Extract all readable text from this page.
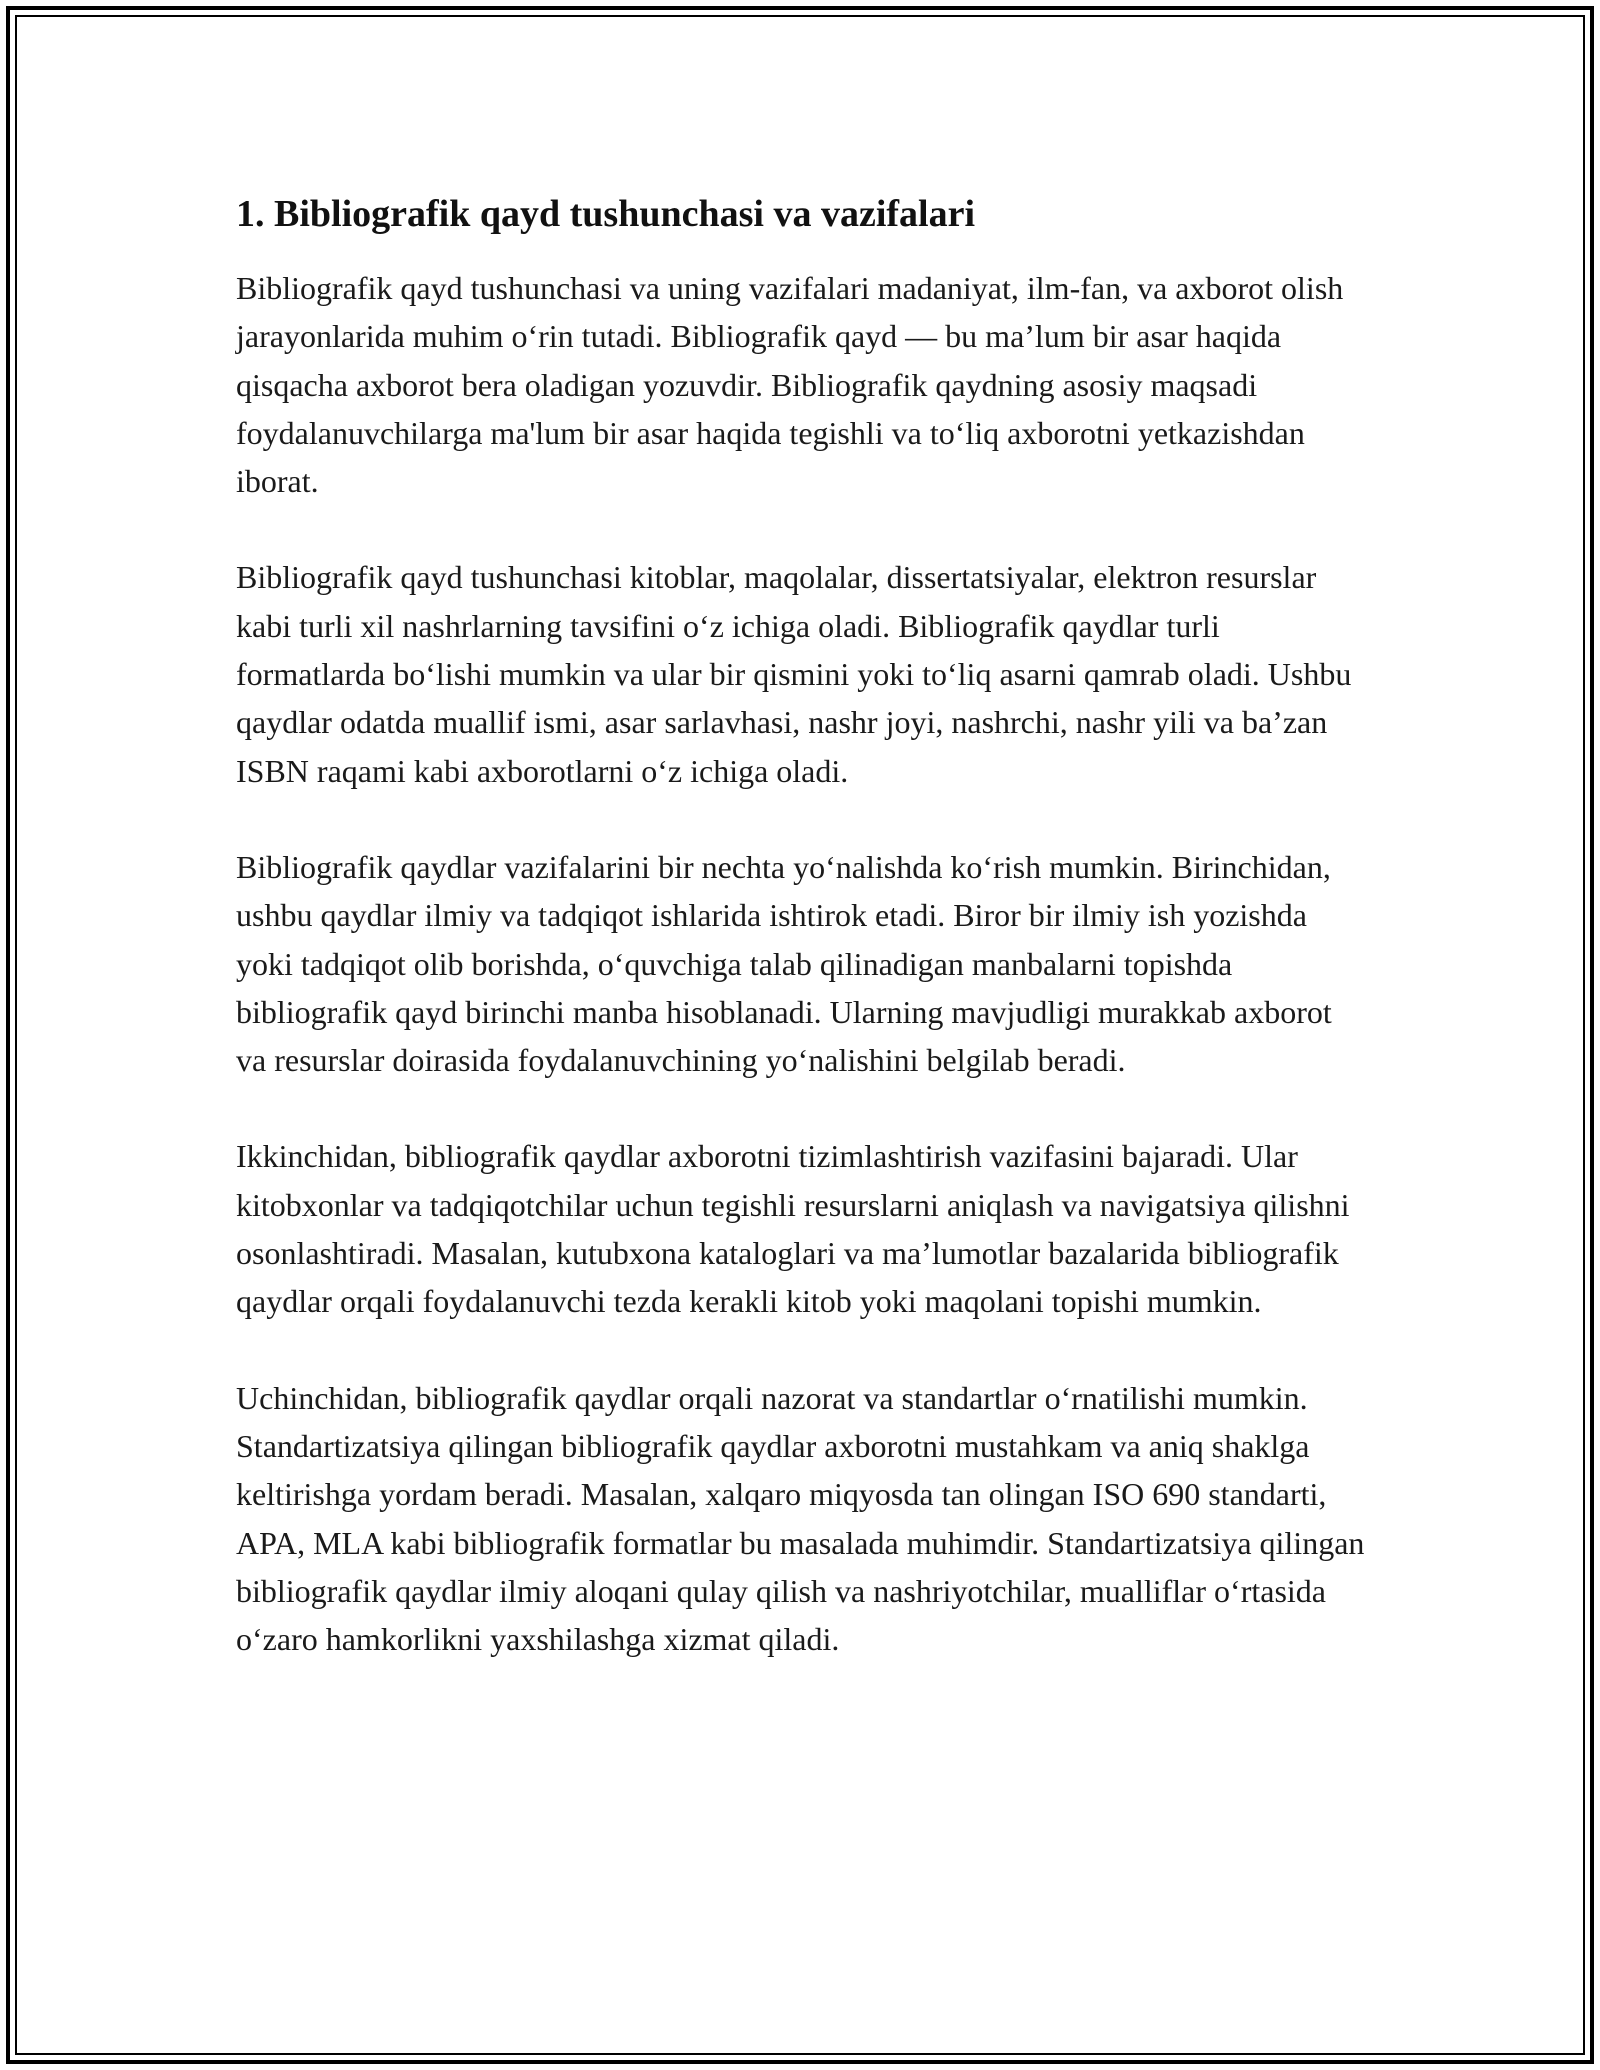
1. Bibliografik qayd tushunchasi va vazifalari

Bibliografik qayd tushunchasi va uning vazifalari madaniyat, ilm-fan, va axborot olish jarayonlarida muhim o‘rin tutadi. Bibliografik qayd — bu ma’lum bir asar haqida qisqacha axborot bera oladigan yozuvdir. Bibliografik qaydning asosiy maqsadi foydalanuvchilarga ma'lum bir asar haqida tegishli va to‘liq axborotni yetkazishdan iborat.

Bibliografik qayd tushunchasi kitoblar, maqolalar, dissertatsiyalar, elektron resurslar kabi turli xil nashrlarning tavsifini o‘z ichiga oladi. Bibliografik qaydlar turli formatlarda bo‘lishi mumkin va ular bir qismini yoki to‘liq asarni qamrab oladi. Ushbu qaydlar odatda muallif ismi, asar sarlavhasi, nashr joyi, nashrchi, nashr yili va ba’zan ISBN raqami kabi axborotlarni o‘z ichiga oladi.

Bibliografik qaydlar vazifalarini bir nechta yo‘nalishda ko‘rish mumkin. Birinchidan, ushbu qaydlar ilmiy va tadqiqot ishlarida ishtirok etadi. Biror bir ilmiy ish yozishda yoki tadqiqot olib borishda, o‘quvchiga talab qilinadigan manbalarni topishda bibliografik qayd birinchi manba hisoblanadi. Ularning mavjudligi murakkab axborot va resurslar doirasida foydalanuvchining yo‘nalishini belgilab beradi.

Ikkinchidan, bibliografik qaydlar axborotni tizimlashtirish vazifasini bajaradi. Ular kitobxonlar va tadqiqotchilar uchun tegishli resurslarni aniqlash va navigatsiya qilishni osonlashtiradi. Masalan, kutubxona kataloglari va ma’lumotlar bazalarida bibliografik qaydlar orqali foydalanuvchi tezda kerakli kitob yoki maqolani topishi mumkin.

Uchinchidan, bibliografik qaydlar orqali nazorat va standartlar o‘rnatilishi mumkin. Standartizatsiya qilingan bibliografik qaydlar axborotni mustahkam va aniq shaklga keltirishga yordam beradi. Masalan, xalqaro miqyosda tan olingan ISO 690 standarti, APA, MLA kabi bibliografik formatlar bu masalada muhimdir. Standartizatsiya qilingan bibliografik qaydlar ilmiy aloqani qulay qilish va nashriyotchilar, mualliflar o‘rtasida o‘zaro hamkorlikni yaxshilashga xizmat qiladi.
